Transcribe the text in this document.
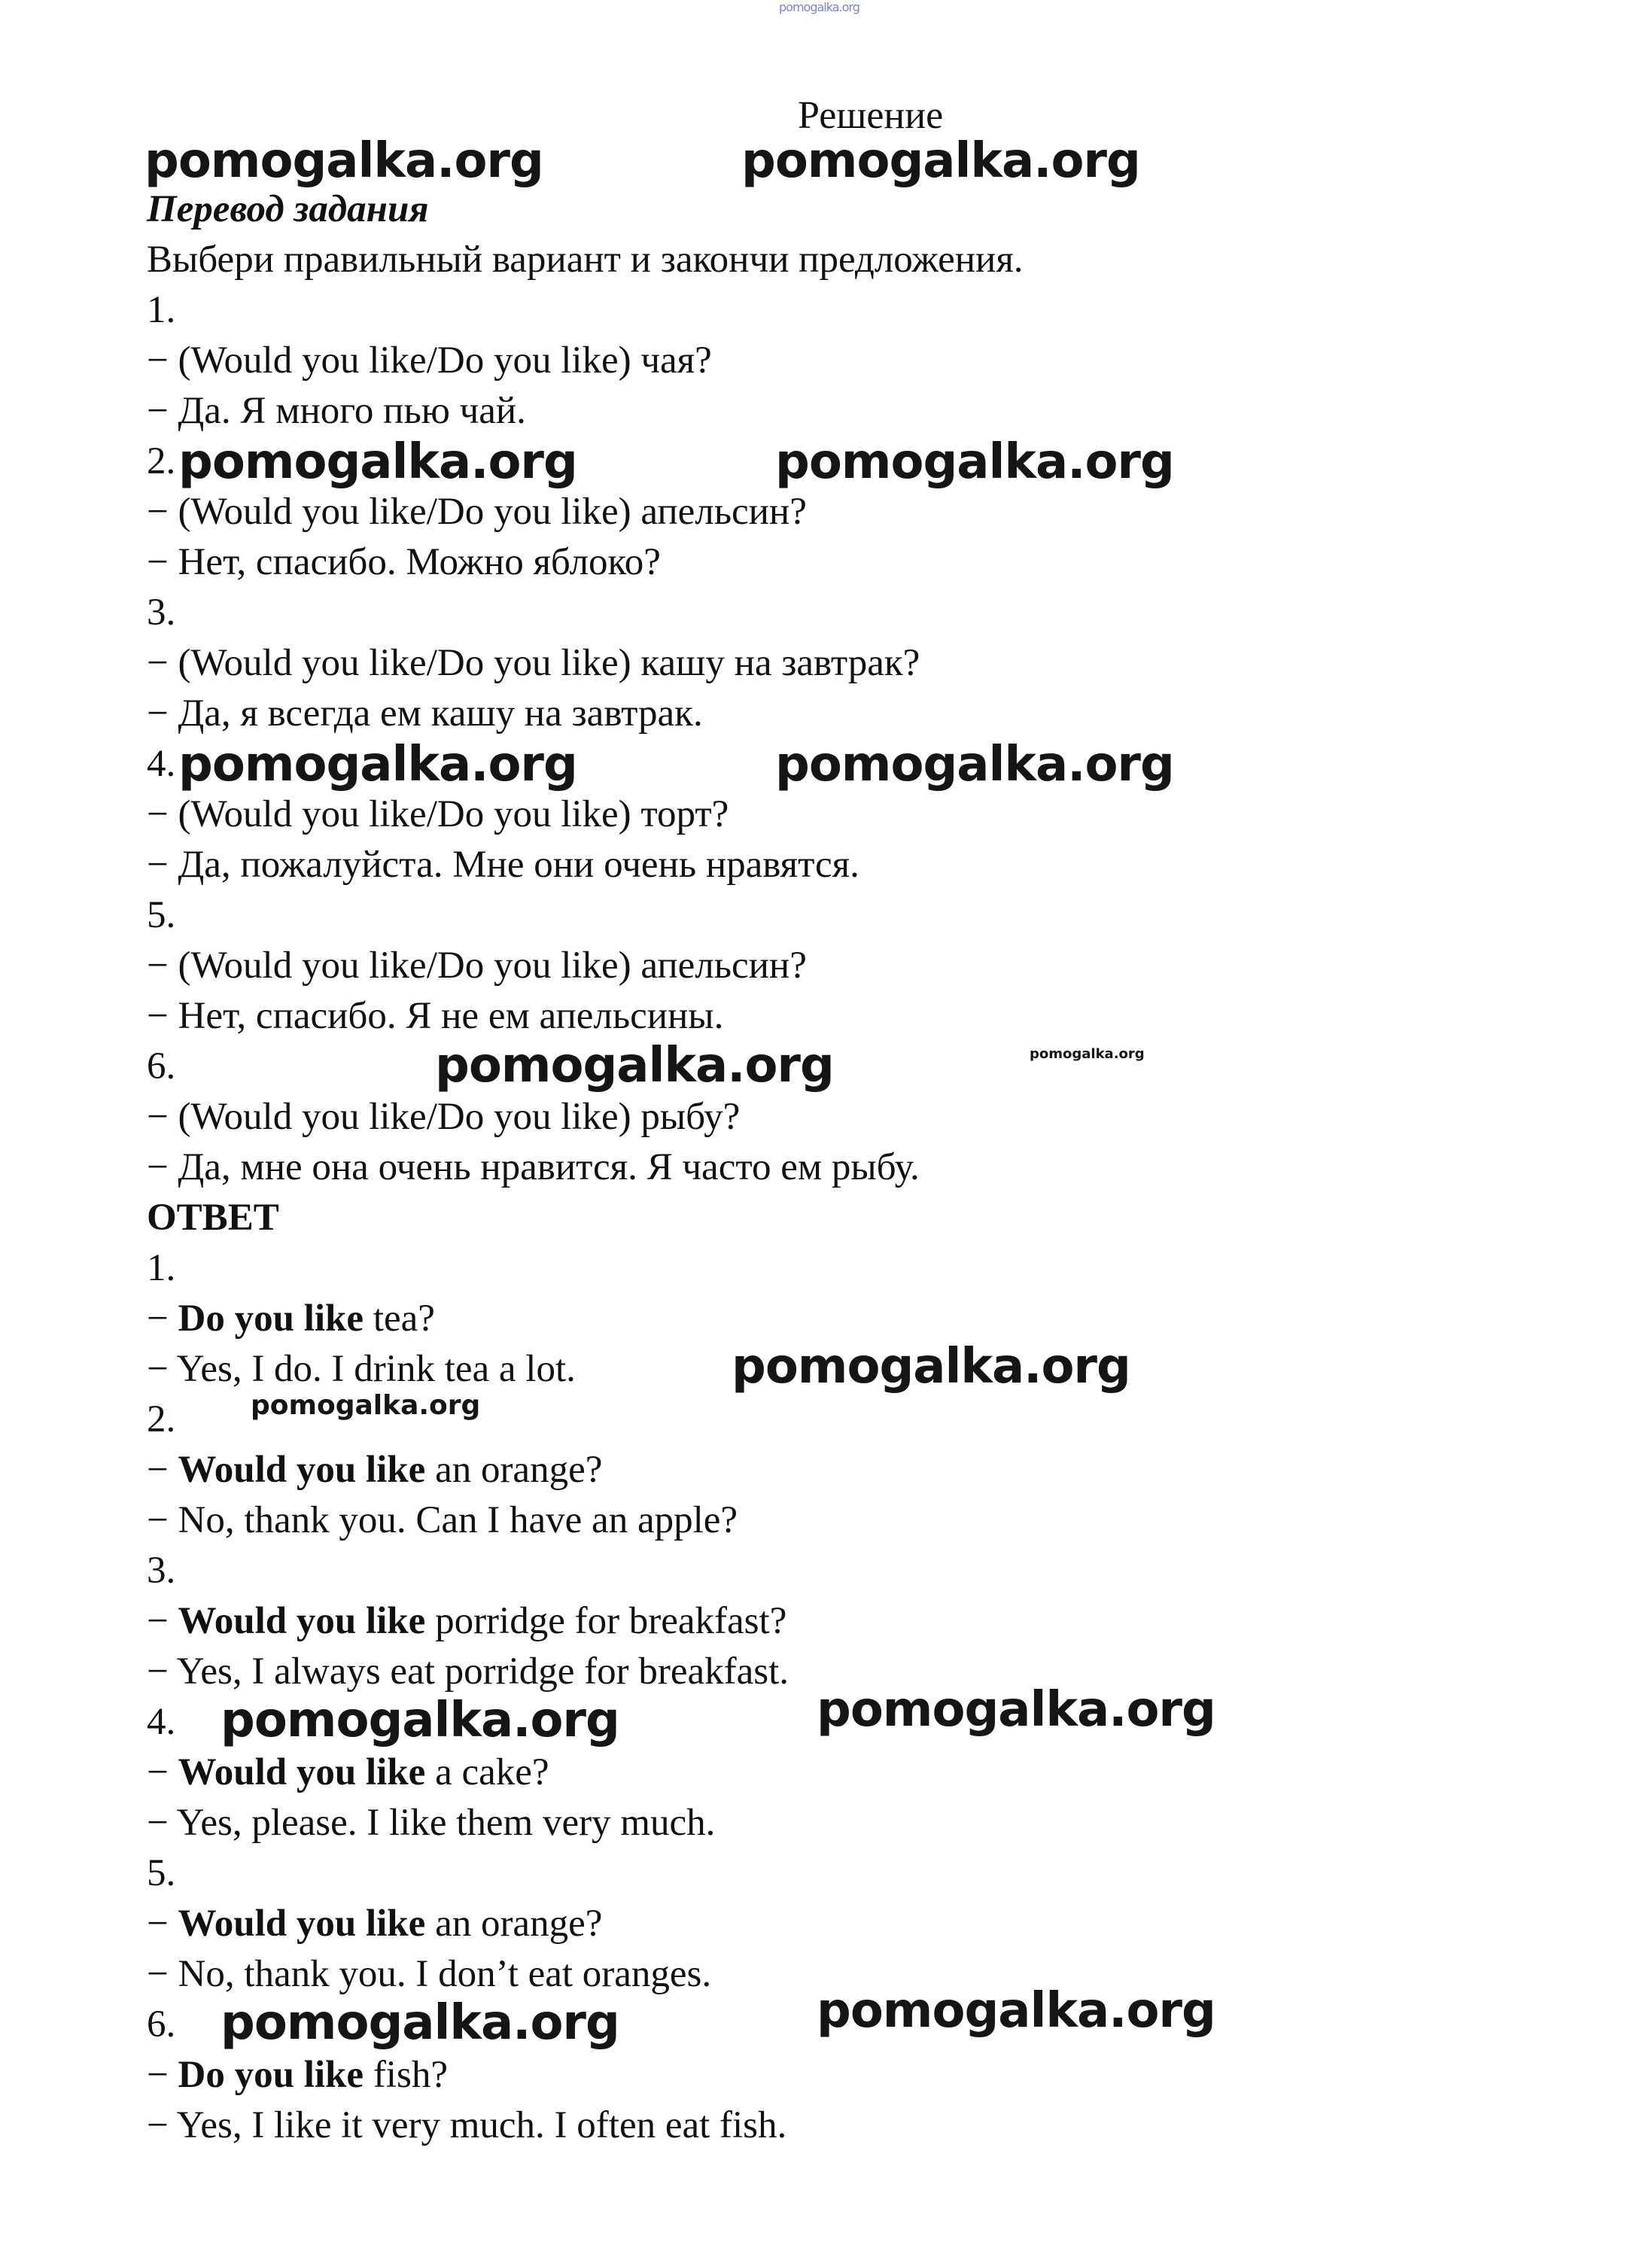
pomogalka.org
Решение
pomogalka.org	pomogalka.org
Перевод задания
Выбери правильный вариант и закончи предложения.
1.
− (Would you like/Do you like) чая?
− Да. Я много пью чай.
2. pomogalka.org	pomogalka.org
− (Would you like/Do you like) апельсин?
− Нет, спасибо. Можно яблоко?
3.
− (Would you like/Do you like) кашу на завтрак?
− Да, я всегда ем кашу на завтрак.
4. pomogalka.org	pomogalka.org
− (Would you like/Do you like) торт?
− Да, пожалуйста. Мне они очень нравятся.
5.
− (Would you like/Do you like) апельсин?
− Нет, спасибо. Я не ем апельсины.
6.	pomogalka.org	pomogalka.org
− (Would you like/Do you like) рыбу?
− Да, мне она очень нравится. Я часто ем рыбу.
ОТВЕТ
1.
− Do you like tea?
− Yes, I do. I drink tea a lot.	pomogalka.org
2.	pomogalka.org
− Would you like an orange?
− No, thank you. Can I have an apple?
3.
− Would you like porridge for breakfast?
− Yes, I always eat porridge for breakfast.
4. pomogalka.org	pomogalka.org
− Would you like a cake?
− Yes, please. I like them very much.
5.
− Would you like an orange?
− No, thank you. I don’t eat oranges.
6. pomogalka.org	pomogalka.org
− Do you like fish?
− Yes, I like it very much. I often eat fish.
